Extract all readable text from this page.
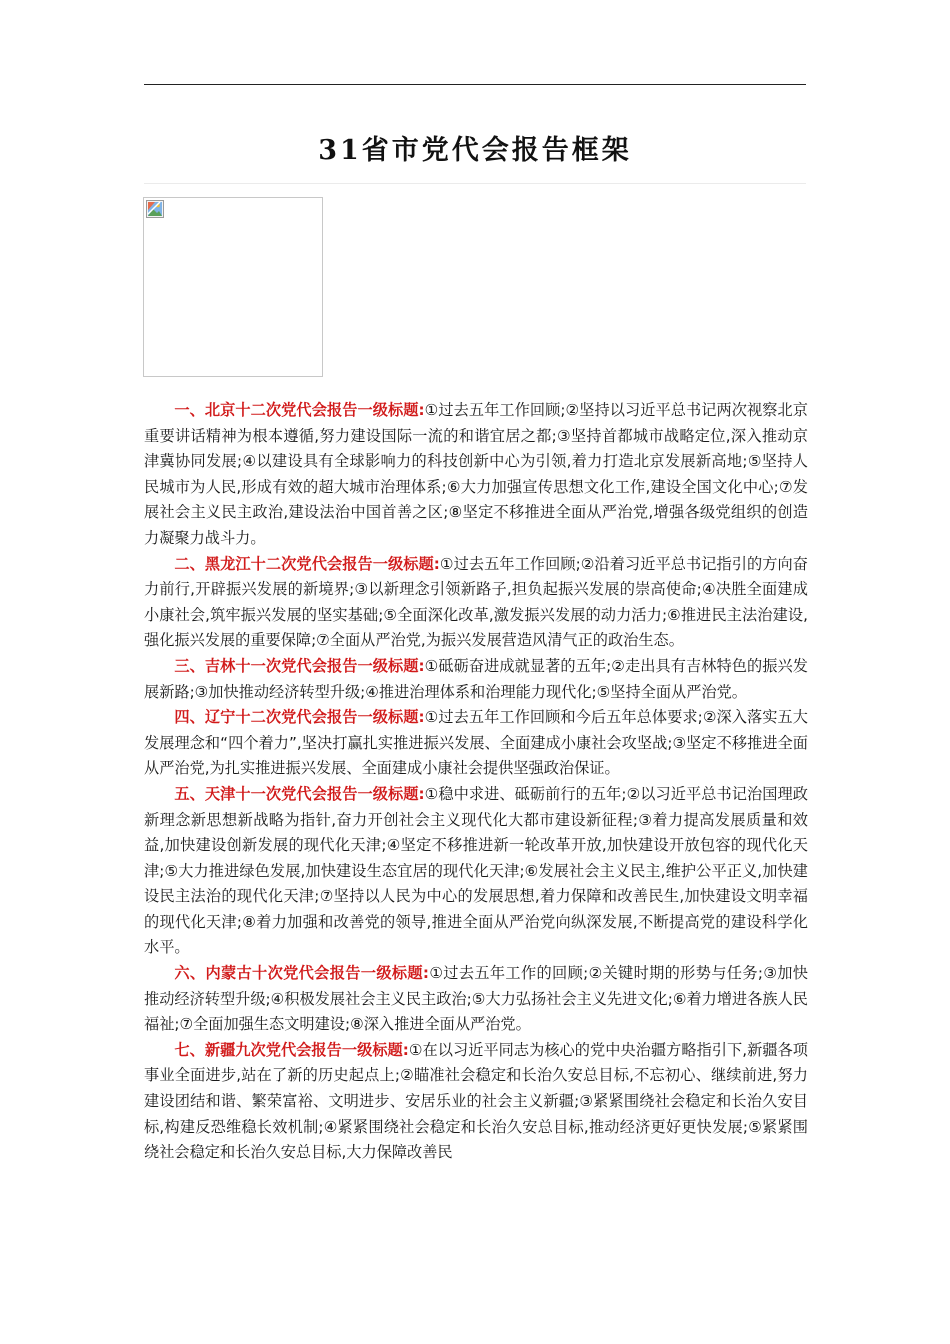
31省市党代会报告框架

一、北京十二次党代会报告一级标题:①过去五年工作回顾;②坚持以习近平总书记两次视察北京重要讲话精神为根本遵循,努力建设国际一流的和谐宜居之都;③坚持首都城市战略定位,深入推动京津冀协同发展;④以建设具有全球影响力的科技创新中心为引领,着力打造北京发展新高地;⑤坚持人民城市为人民,形成有效的超大城市治理体系;⑥大力加强宣传思想文化工作,建设全国文化中心;⑦发展社会主义民主政治,建设法治中国首善之区;⑧坚定不移推进全面从严治党,增强各级党组织的创造力凝聚力战斗力。

二、黑龙江十二次党代会报告一级标题:①过去五年工作回顾;②沿着习近平总书记指引的方向奋力前行,开辟振兴发展的新境界;③以新理念引领新路子,担负起振兴发展的崇高使命;④决胜全面建成小康社会,筑牢振兴发展的坚实基础;⑤全面深化改革,激发振兴发展的动力活力;⑥推进民主法治建设,强化振兴发展的重要保障;⑦全面从严治党,为振兴发展营造风清气正的政治生态。

三、吉林十一次党代会报告一级标题:①砥砺奋进成就显著的五年;②走出具有吉林特色的振兴发展新路;③加快推动经济转型升级;④推进治理体系和治理能力现代化;⑤坚持全面从严治党。

四、辽宁十二次党代会报告一级标题:①过去五年工作回顾和今后五年总体要求;②深入落实五大发展理念和“四个着力”,坚决打赢扎实推进振兴发展、全面建成小康社会攻坚战;③坚定不移推进全面从严治党,为扎实推进振兴发展、全面建成小康社会提供坚强政治保证。

五、天津十一次党代会报告一级标题:①稳中求进、砥砺前行的五年;②以习近平总书记治国理政新理念新思想新战略为指针,奋力开创社会主义现代化大都市建设新征程;③着力提高发展质量和效益,加快建设创新发展的现代化天津;④坚定不移推进新一轮改革开放,加快建设开放包容的现代化天津;⑤大力推进绿色发展,加快建设生态宜居的现代化天津;⑥发展社会主义民主,维护公平正义,加快建设民主法治的现代化天津;⑦坚持以人民为中心的发展思想,着力保障和改善民生,加快建设文明幸福的现代化天津;⑧着力加强和改善党的领导,推进全面从严治党向纵深发展,不断提高党的建设科学化水平。

六、内蒙古十次党代会报告一级标题:①过去五年工作的回顾;②关键时期的形势与任务;③加快推动经济转型升级;④积极发展社会主义民主政治;⑤大力弘扬社会主义先进文化;⑥着力增进各族人民福祉;⑦全面加强生态文明建设;⑧深入推进全面从严治党。

七、新疆九次党代会报告一级标题:①在以习近平同志为核心的党中央治疆方略指引下,新疆各项事业全面进步,站在了新的历史起点上;②瞄准社会稳定和长治久安总目标,不忘初心、继续前进,努力建设团结和谐、繁荣富裕、文明进步、安居乐业的社会主义新疆;③紧紧围绕社会稳定和长治久安目标,构建反恐维稳长效机制;④紧紧围绕社会稳定和长治久安总目标,推动经济更好更快发展;⑤紧紧围绕社会稳定和长治久安总目标,大力保障改善民
